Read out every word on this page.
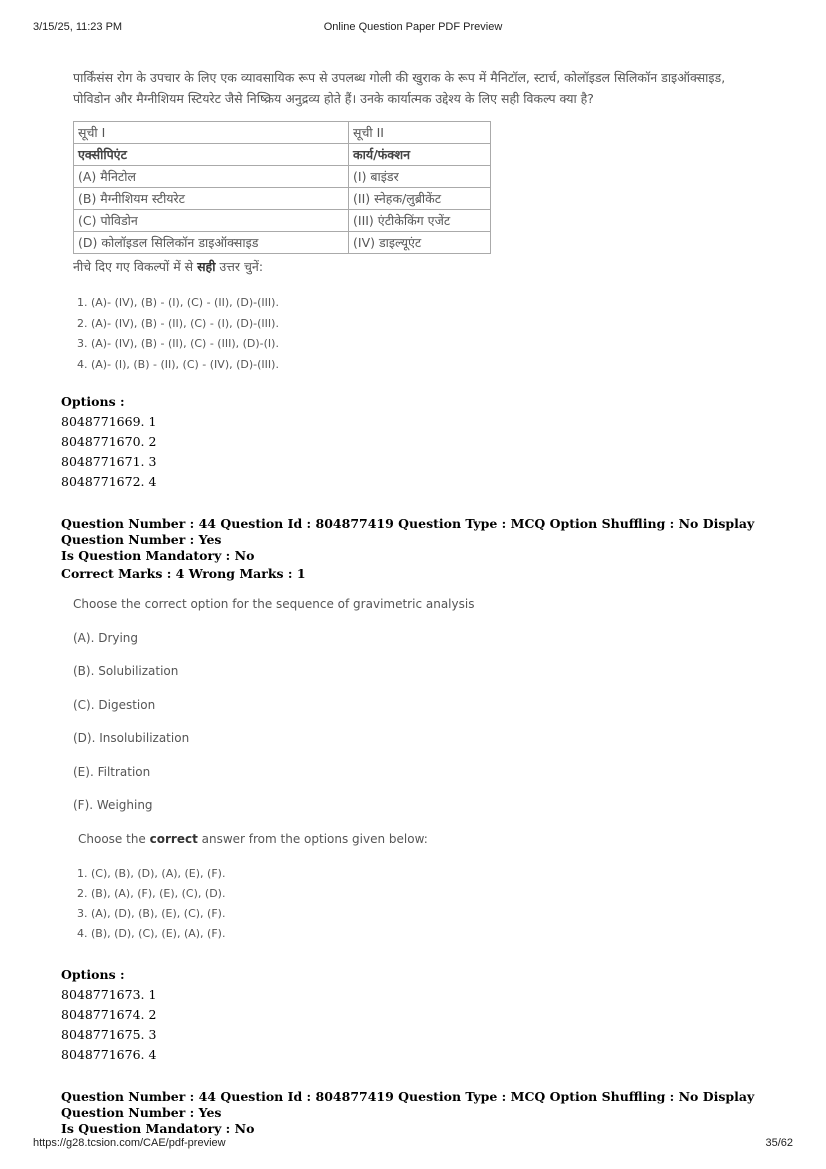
3/15/25, 11:23 PM	Online Question Paper PDF Preview
पार्किंसंस रोग के उपचार के लिए एक व्यावसायिक रूप से उपलब्ध गोली की खुराक के रूप में मैनिटॉल, स्टार्च, कोलॉइडल सिलिकॉन डाइऑक्साइड, पोविडोन और मैग्नीशियम स्टियरेट जैसे निष्क्रिय अनुद्रव्य होते हैं। उनके कार्यात्मक उद्देश्य के लिए सही विकल्प क्या है?
सूची I	सूची II
एक्सीपिएंट	कार्य/फंक्शन
(A) मैनिटोल	(I) बाइंडर
(B) मैग्नीशियम स्टीयरेट	(II) स्नेहक/लुब्रीकेंट
(C) पोविडोन	(III) एंटीकेकिंग एजेंट
(D) कोलॉइडल सिलिकॉन डाइऑक्साइड	(IV) डाइल्यूएंट
नीचे दिए गए विकल्पों में से सही उत्तर चुनें:
1. (A)- (IV), (B) - (I), (C) - (II), (D)-(III).
2. (A)- (IV), (B) - (II), (C) - (I), (D)-(III).
3. (A)- (IV), (B) - (II), (C) - (III), (D)-(I).
4. (A)- (I), (B) - (II), (C) - (IV), (D)-(III).
Options :
8048771669. 1
8048771670. 2
8048771671. 3
8048771672. 4
Question Number : 44 Question Id : 804877419 Question Type : MCQ Option Shuffling : No Display Question Number : Yes
Is Question Mandatory : No
Correct Marks : 4 Wrong Marks : 1
Choose the correct option for the sequence of gravimetric analysis
(A). Drying
(B). Solubilization
(C). Digestion
(D). Insolubilization
(E). Filtration
(F). Weighing
Choose the correct answer from the options given below:
1. (C), (B), (D), (A), (E), (F).
2. (B), (A), (F), (E), (C), (D).
3. (A), (D), (B), (E), (C), (F).
4. (B), (D), (C), (E), (A), (F).
Options :
8048771673. 1
8048771674. 2
8048771675. 3
8048771676. 4
Question Number : 44 Question Id : 804877419 Question Type : MCQ Option Shuffling : No Display Question Number : Yes
Is Question Mandatory : No
https://g28.tcsion.com/CAE/pdf-preview	35/62
